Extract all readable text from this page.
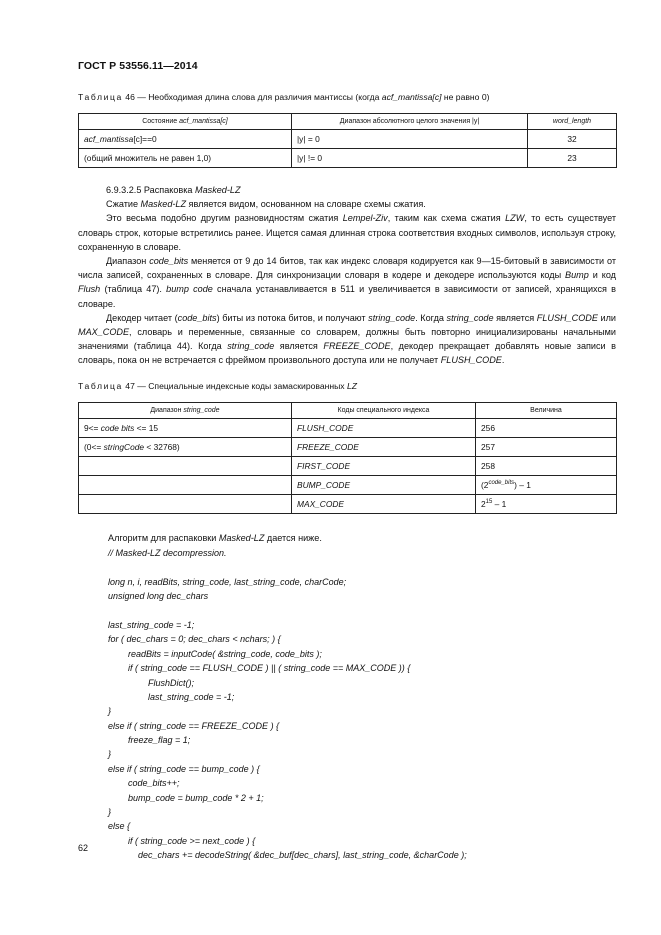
ГОСТ Р 53556.11—2014
Таблица 46 — Необходимая длина слова для различия мантиссы (когда acf_mantissa[c] не равно 0)
Состояние acf_mantissa[c]	Диапазон абсолютного целого значения |y|	word_length
acf_mantissa[c]==0	|y| = 0	32
(общий множитель не равен 1,0)	|y| != 0	23

6.9.3.2.5 Распаковка Masked-LZ

Сжатие Masked-LZ является видом, основанном на словаре схемы сжатия.

Это весьма подобно другим разновидностям сжатия Lempel-Ziv, таким как схема сжатия LZW, то есть существует словарь строк, которые встретились ранее. Ищется самая длинная строка соответствия входных символов, используя строку, сохраненную в словаре.

Диапазон code_bits меняется от 9 до 14 битов, так как индекс словаря кодируется как 9—15-битовый в зависимости от числа записей, сохраненных в словаре. Для синхронизации словаря в кодере и декодере используются коды Bump и код Flush (таблица 47). bump code сначала устанавливается в 511 и увеличивается в зависимости от записей, хранящихся в словаре.

Декодер читает (code_bits) биты из потока битов, и получают string_code. Когда string_code является FLUSH_CODE или MAX_CODE, словарь и переменные, связанные со словарем, должны быть повторно инициализированы начальными значениями (таблица 44). Когда string_code является FREEZE_CODE, декодер прекращает добавлять новые записи в словарь, пока он не встречается с фреймом произвольного доступа или не получает FLUSH_CODE.

Таблица 47 — Специальные индексные коды замаскированных LZ
Диапазон string_code	Коды специального индекса	Величина
9<= code bits <= 15	FLUSH_CODE	256
(0<= stringCode < 32768)	FREEZE_CODE	257
	FIRST_CODE	258
	BUMP_CODE	$(2^{code\_bits}) - 1$
	MAX_CODE	$2^{15} - 1$
Алгоритм для распаковки Masked-LZ дается ниже.
// Masked-LZ decompression.
long n, i, readBits, string_code, last_string_code, charCode;
unsigned long dec_chars
last_string_code = -1;
for ( dec_chars = 0; dec_chars < nchars; ) {
readBits = inputCode( &string_code, code_bits );
if ( string_code == FLUSH_CODE ) || ( string_code == MAX_CODE )) {
FlushDict();
last_string_code = -1;
}
else if ( string_code == FREEZE_CODE ) {
freeze_flag = 1;
}
else if ( string_code == bump_code ) {
code_bits++;
bump_code = bump_code * 2 + 1;
}
else {
if ( string_code >= next_code ) {
dec_chars += decodeString( &dec_buf[dec_chars], last_string_code, &charCode );
62
